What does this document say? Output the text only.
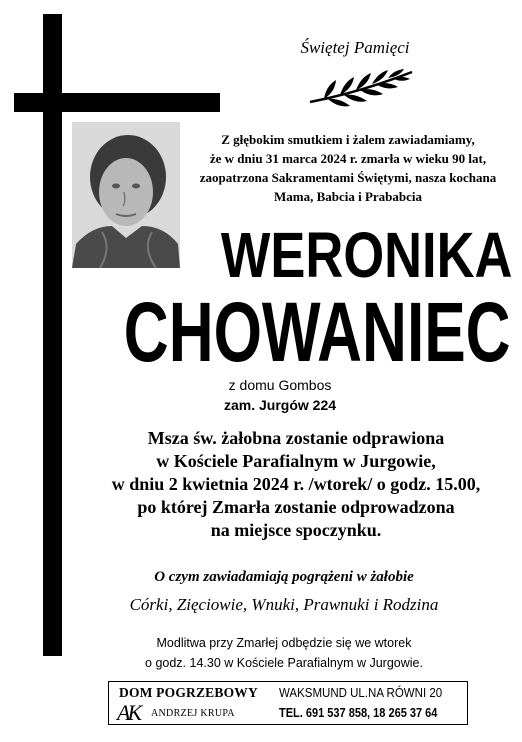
Świętej Pamięci
Z głębokim smutkiem i żalem zawiadamiamy,
że w dniu 31 marca 2024 r. zmarła w wieku 90 lat,
zaopatrzona Sakramentami Świętymi, nasza kochana
Mama, Babcia i Prababcia
WERONIKA
CHOWANIEC
z domu Gombos
zam. Jurgów 224
Msza św. żałobna zostanie odprawiona
w Kościele Parafialnym w Jurgowie,
w dniu 2 kwietnia 2024 r. /wtorek/ o godz. 15.00,
po której Zmarła zostanie odprowadzona
na miejsce spoczynku.
O czym zawiadamiają pogrążeni w żałobie
Córki, Zięciowie, Wnuki, Prawnuki i Rodzina
Modlitwa przy Zmarłej odbędzie się we wtorek
o godz. 14.30 w Kościele Parafialnym w Jurgowie.
DOM POGRZEBOWY
AK ANDRZEJ KRUPA
WAKSMUND UL.NA RÓWNI 20
TEL. 691 537 858, 18 265 37 64
